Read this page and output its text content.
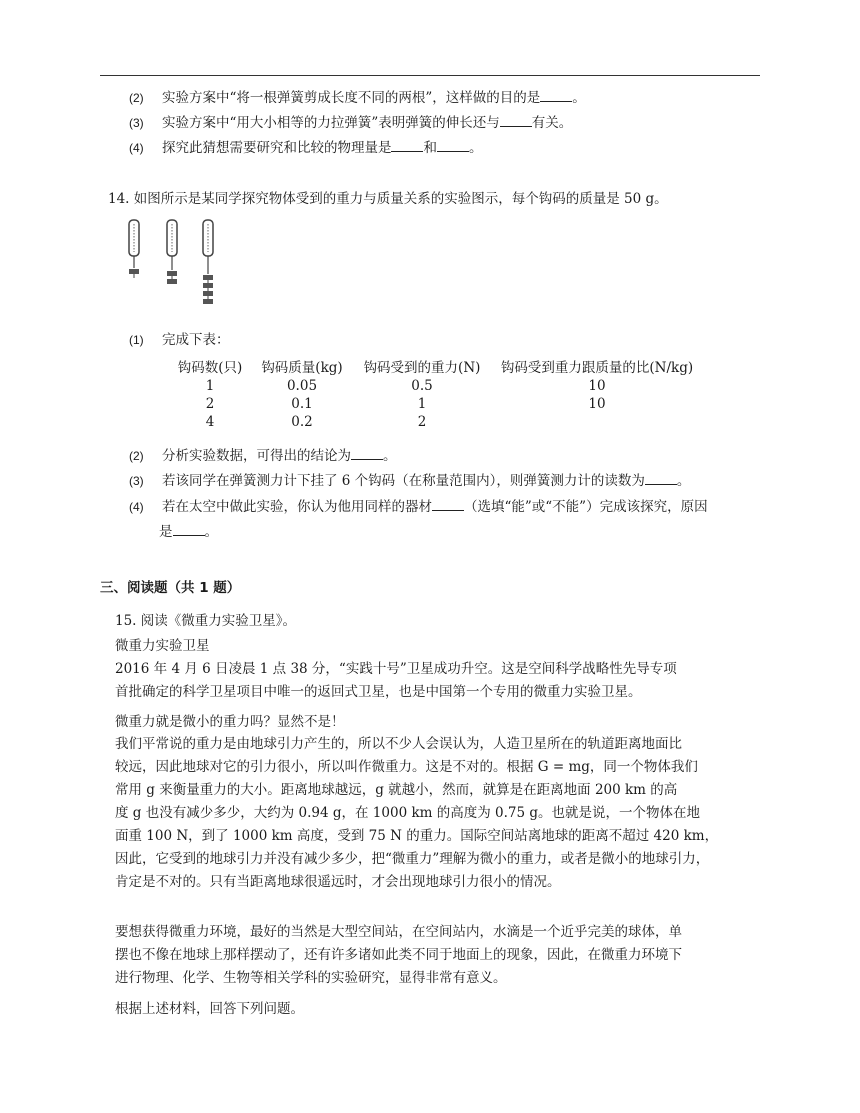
(2) 实验方案中“将一根弹簧剪成长度不同的两根”，这样做的目的是 。
(3) 实验方案中“用大小相等的力拉弹簧”表明弹簧的伸长还与 有关。
(4) 探究此猜想需要研究和比较的物理量是 和 。
14. 如图所示是某同学探究物体受到的重力与质量关系的实验图示，每个钩码的质量是 50 g。
(1) 完成下表：
钩码数(只)	钩码质量(kg)	钩码受到的重力(N)	钩码受到重力跟质量的比(N/kg)
1	0.05	0.5	10
2	0.1	1	10
4	0.2	2	
(2) 分析实验数据，可得出的结论为 。
(3) 若该同学在弹簧测力计下挂了 6 个钩码（在称量范围内），则弹簧测力计的读数为 。
(4) 若在太空中做此实验，你认为他用同样的器材 （选填“能”或“不能”）完成该探究，原因
是 。
三、阅读题（共 1 题）
15. 阅读《微重力实验卫星》。
微重力实验卫星
2016 年 4 月 6 日凌晨 1 点 38 分，“实践十号”卫星成功升空。这是空间科学战略性先导专项
首批确定的科学卫星项目中唯一的返回式卫星，也是中国第一个专用的微重力实验卫星。
微重力就是微小的重力吗？显然不是！
我们平常说的重力是由地球引力产生的，所以不少人会误认为，人造卫星所在的轨道距离地面比
较远，因此地球对它的引力很小，所以叫作微重力。这是不对的。根据 G = mg，同一个物体我们
常用 g 来衡量重力的大小。距离地球越远，g 就越小，然而，就算是在距离地面 200 km 的高
度 g 也没有减少多少，大约为 0.94 g，在 1000 km 的高度为 0.75 g。也就是说，一个物体在地
面重 100 N，到了 1000 km 高度，受到 75 N 的重力。国际空间站离地球的距离不超过 420 km，
因此，它受到的地球引力并没有减少多少，把“微重力”理解为微小的重力，或者是微小的地球引力，
肯定是不对的。只有当距离地球很遥远时，才会出现地球引力很小的情况。
要想获得微重力环境，最好的当然是大型空间站，在空间站内，水滴是一个近乎完美的球体，单
摆也不像在地球上那样摆动了，还有许多诸如此类不同于地面上的现象，因此，在微重力环境下
进行物理、化学、生物等相关学科的实验研究，显得非常有意义。
根据上述材料，回答下列问题。
